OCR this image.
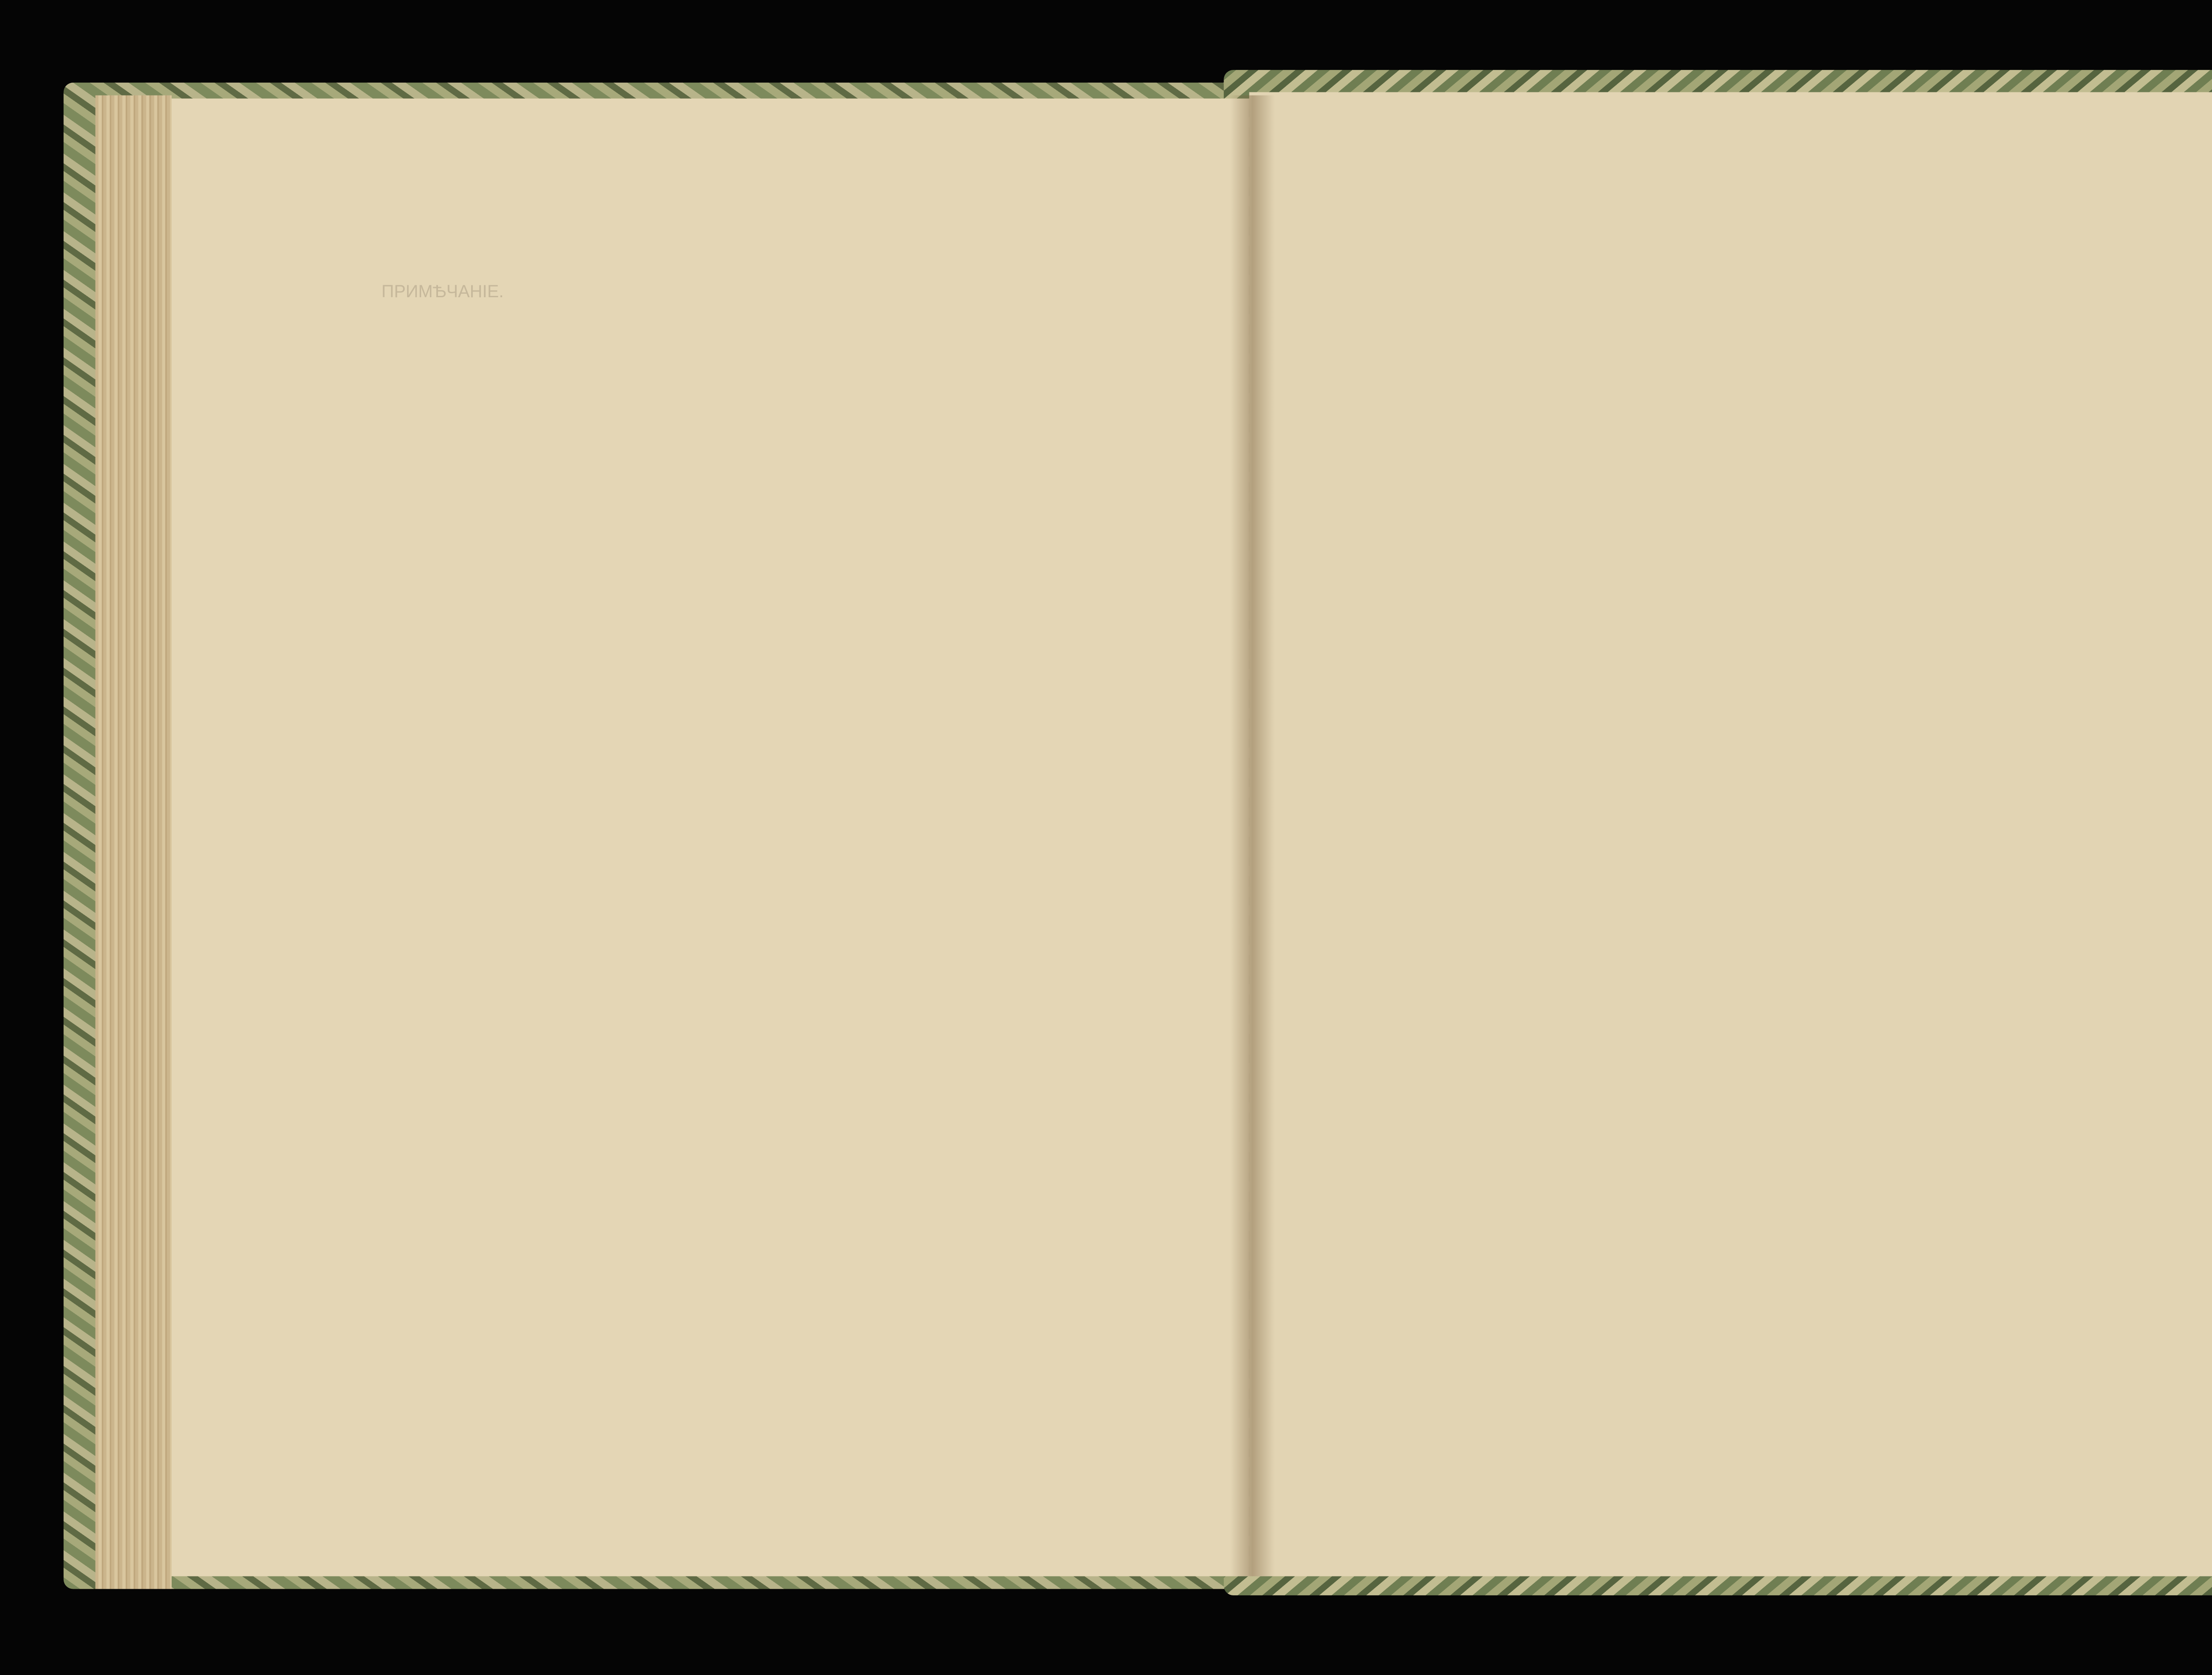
ПРИМѢЧАНІЕ.
